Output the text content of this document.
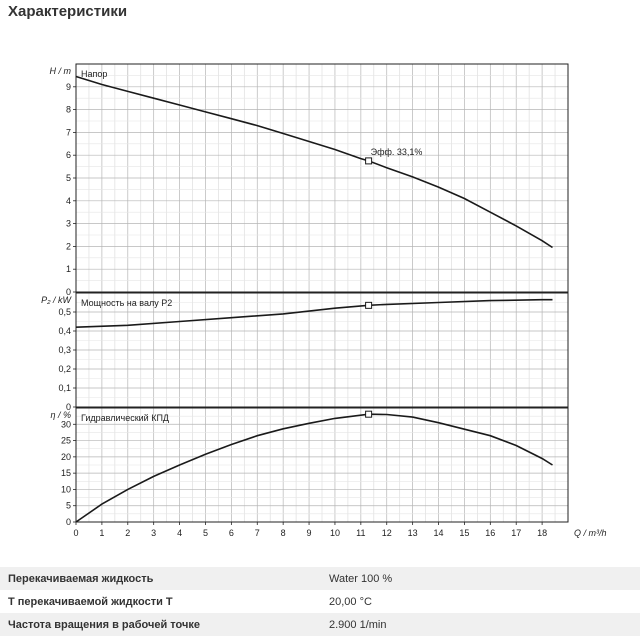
Характеристики
0
1
2
3
4
5
6
7
8
9
H / m Напор
Эфф. 33,1%
0
0,1
0,2
0,3
0,4
0,5
P₂ / kW Мощность на валу P2
0
5
10
15
20
25
30
η / % Гидравлический КПД
0 1 2 3 4 5 6 7 8 9 10 11 12 13 14 15 16 17 18	Q / m³/h
Перекачиваемая жидкость	Water 100 %
T перекачиваемой жидкости T	20,00 °C
Частота вращения в рабочей точке	2.900 1/min
